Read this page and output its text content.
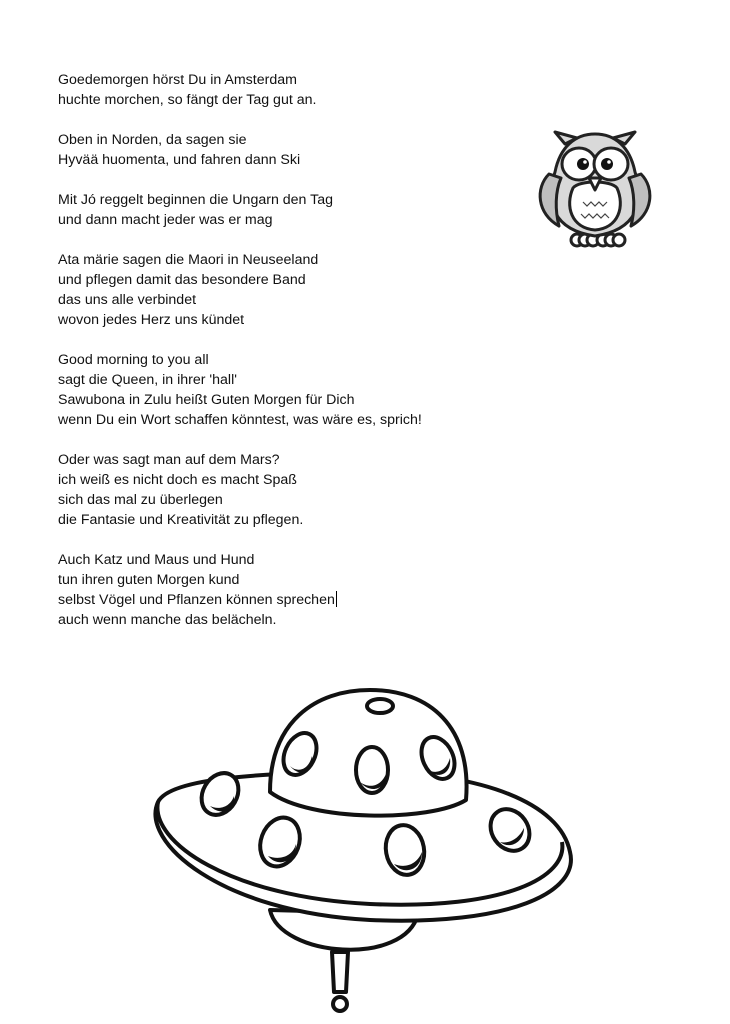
Goedemorgen hörst Du in Amsterdam
huchte morchen, so fängt der Tag gut an.
Oben in Norden, da sagen sie
Hyvää huomenta, und fahren dann Ski
Mit Jó reggelt beginnen die Ungarn den Tag
und dann macht jeder was er mag
Ata märie sagen die Maori in Neuseeland
und pflegen damit das besondere Band
das uns alle verbindet
wovon jedes Herz uns kündet
Good morning to you all
sagt die Queen, in ihrer 'hall'
Sawubona in Zulu heißt Guten Morgen für Dich
wenn Du ein Wort schaffen könntest, was wäre es, sprich!
Oder was sagt man auf dem Mars?
ich weiß es nicht doch es macht Spaß
sich das mal zu überlegen
die Fantasie und Kreativität zu pflegen.
Auch Katz und Maus und Hund
tun ihren guten Morgen kund
selbst Vögel und Pflanzen können sprechen
auch wenn manche das belächeln.
